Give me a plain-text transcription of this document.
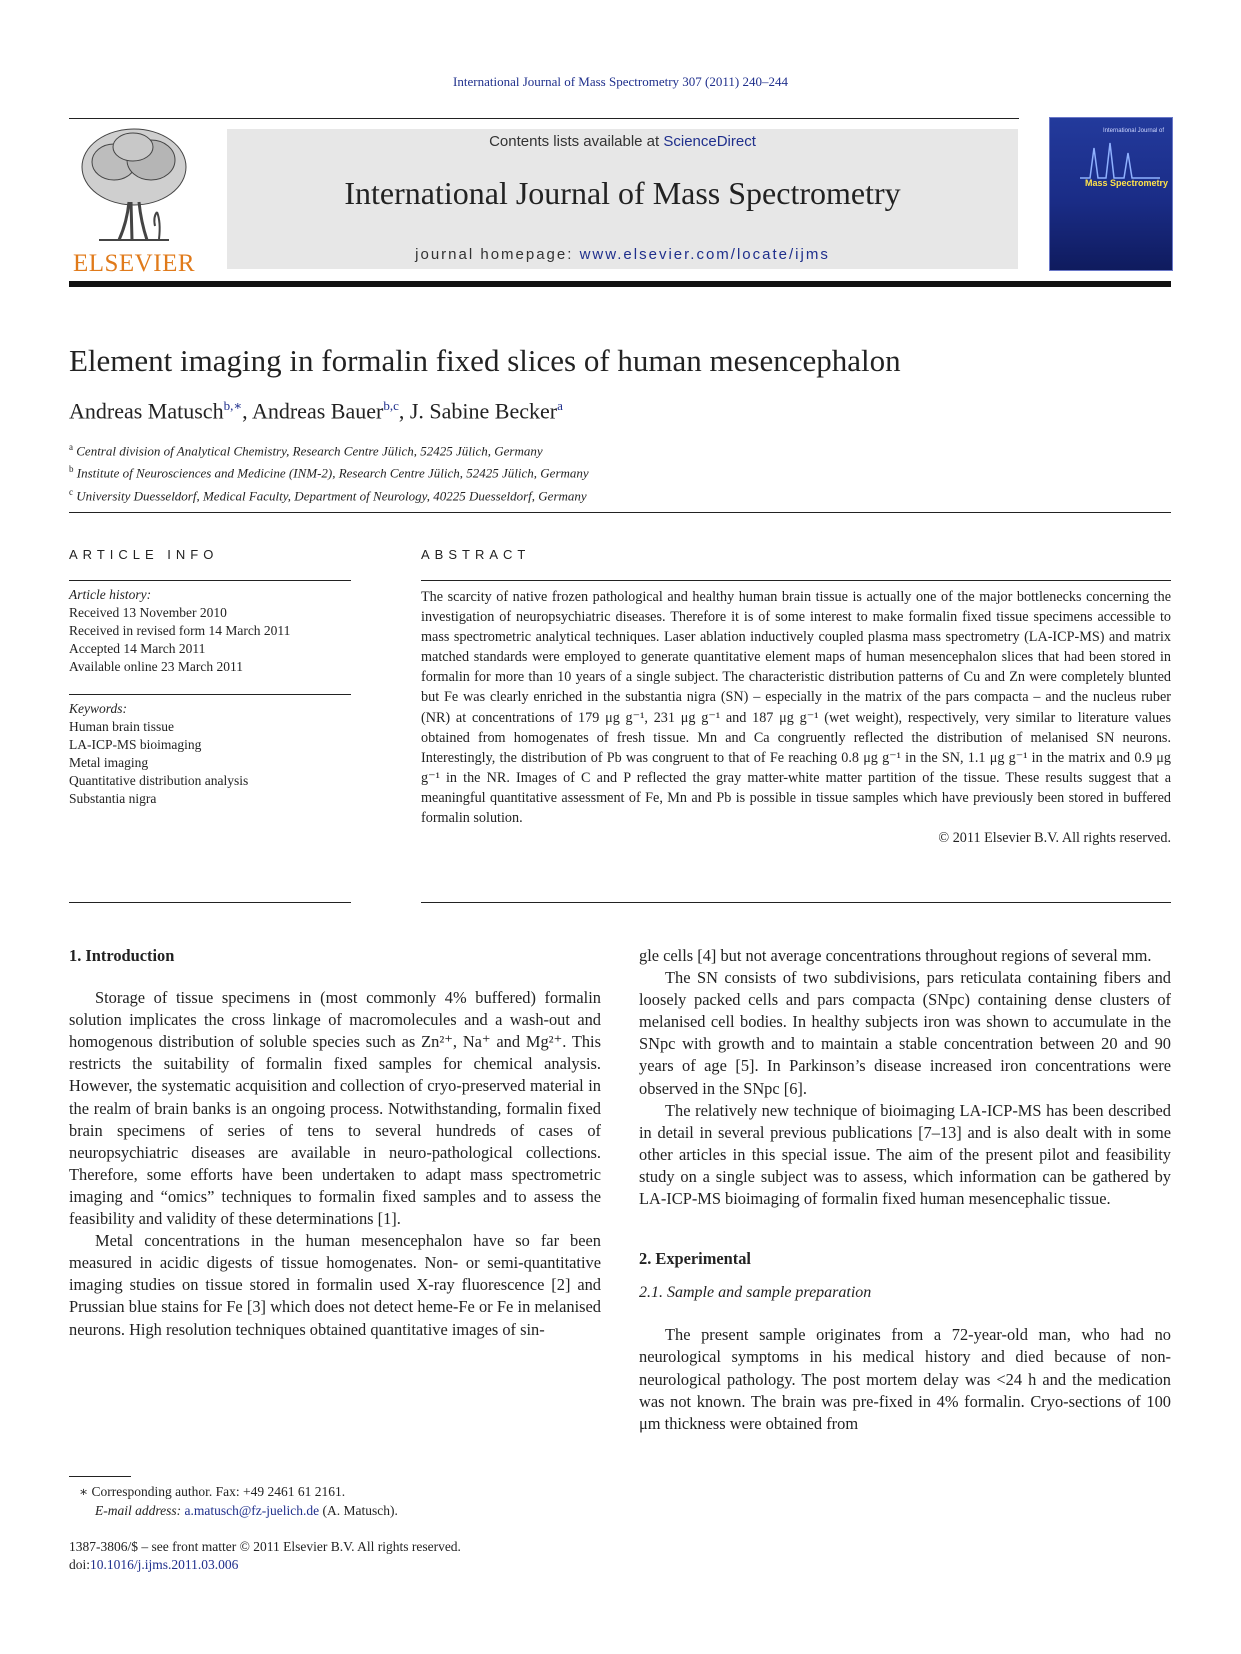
International Journal of Mass Spectrometry 307 (2011) 240–244
ELSEVIER
Contents lists available at ScienceDirect
International Journal of Mass Spectrometry
journal homepage: www.elsevier.com/locate/ijms
International Journal of
Mass Spectrometry
Element imaging in formalin fixed slices of human mesencephalon
Andreas Matusch$^{b,∗}$, Andreas Bauer$^{b,c}$, J. Sabine Becker$^a$
$^a$ Central division of Analytical Chemistry, Research Centre Jülich, 52425 Jülich, Germany
$^b$ Institute of Neurosciences and Medicine (INM-2), Research Centre Jülich, 52425 Jülich, Germany
$^c$ University Duesseldorf, Medical Faculty, Department of Neurology, 40225 Duesseldorf, Germany
ARTICLE INFO	ABSTRACT
Article history:
Received 13 November 2010
Received in revised form 14 March 2011
Accepted 14 March 2011
Available online 23 March 2011
Keywords:
Human brain tissue
LA-ICP-MS bioimaging
Metal imaging
Quantitative distribution analysis
Substantia nigra

The scarcity of native frozen pathological and healthy human brain tissue is actually one of the major bottlenecks concerning the investigation of neuropsychiatric diseases. Therefore it is of some interest to make formalin fixed tissue specimens accessible to mass spectrometric analytical techniques. Laser ablation inductively coupled plasma mass spectrometry (LA-ICP-MS) and matrix matched standards were employed to generate quantitative element maps of human mesencephalon slices that had been stored in formalin for more than 10 years of a single subject. The characteristic distribution patterns of Cu and Zn were completely blunted but Fe was clearly enriched in the substantia nigra (SN) – especially in the matrix of the pars compacta – and the nucleus ruber (NR) at concentrations of 179 μg g⁻¹, 231 μg g⁻¹ and 187 μg g⁻¹ (wet weight), respectively, very similar to literature values obtained from homogenates of fresh tissue. Mn and Ca congruently reflected the distribution of melanised SN neurons. Interestingly, the distribution of Pb was congruent to that of Fe reaching 0.8 μg g⁻¹ in the SN, 1.1 μg g⁻¹ in the matrix and 0.9 μg g⁻¹ in the NR. Images of C and P reflected the gray matter-white matter partition of the tissue. These results suggest that a meaningful quantitative assessment of Fe, Mn and Pb is possible in tissue samples which have previously been stored in buffered formalin solution.

© 2011 Elsevier B.V. All rights reserved.

1. Introduction

Storage of tissue specimens in (most commonly 4% buffered) formalin solution implicates the cross linkage of macromolecules and a wash-out and homogenous distribution of soluble species such as Zn²⁺, Na⁺ and Mg²⁺. This restricts the suitability of formalin fixed samples for chemical analysis. However, the systematic acquisition and collection of cryo-preserved material in the realm of brain banks is an ongoing process. Notwithstanding, formalin fixed brain specimens of series of tens to several hundreds of cases of neuropsychiatric diseases are available in neuro-pathological collections. Therefore, some efforts have been undertaken to adapt mass spectrometric imaging and “omics” techniques to formalin fixed samples and to assess the feasibility and validity of these determinations [1].

Metal concentrations in the human mesencephalon have so far been measured in acidic digests of tissue homogenates. Non- or semi-quantitative imaging studies on tissue stored in formalin used X-ray fluorescence [2] and Prussian blue stains for Fe [3] which does not detect heme-Fe or Fe in melanised neurons. High resolution techniques obtained quantitative images of sin-

gle cells [4] but not average concentrations throughout regions of several mm.

The SN consists of two subdivisions, pars reticulata containing fibers and loosely packed cells and pars compacta (SNpc) containing dense clusters of melanised cell bodies. In healthy subjects iron was shown to accumulate in the SNpc with growth and to maintain a stable concentration between 20 and 90 years of age [5]. In Parkinson’s disease increased iron concentrations were observed in the SNpc [6].

The relatively new technique of bioimaging LA-ICP-MS has been described in detail in several previous publications [7–13] and is also dealt with in some other articles in this special issue. The aim of the present pilot and feasibility study on a single subject was to assess, which information can be gathered by LA-ICP-MS bioimaging of formalin fixed human mesencephalic tissue.

2. Experimental

2.1. Sample and sample preparation

The present sample originates from a 72-year-old man, who had no neurological symptoms in his medical history and died because of non-neurological pathology. The post mortem delay was <24 h and the medication was not known. The brain was pre-fixed in 4% formalin. Cryo-sections of 100 μm thickness were obtained from

∗ Corresponding author. Fax: +49 2461 61 2161.
E-mail address: a.matusch@fz-juelich.de (A. Matusch).
1387-3806/$ – see front matter © 2011 Elsevier B.V. All rights reserved.
doi:10.1016/j.ijms.2011.03.006
